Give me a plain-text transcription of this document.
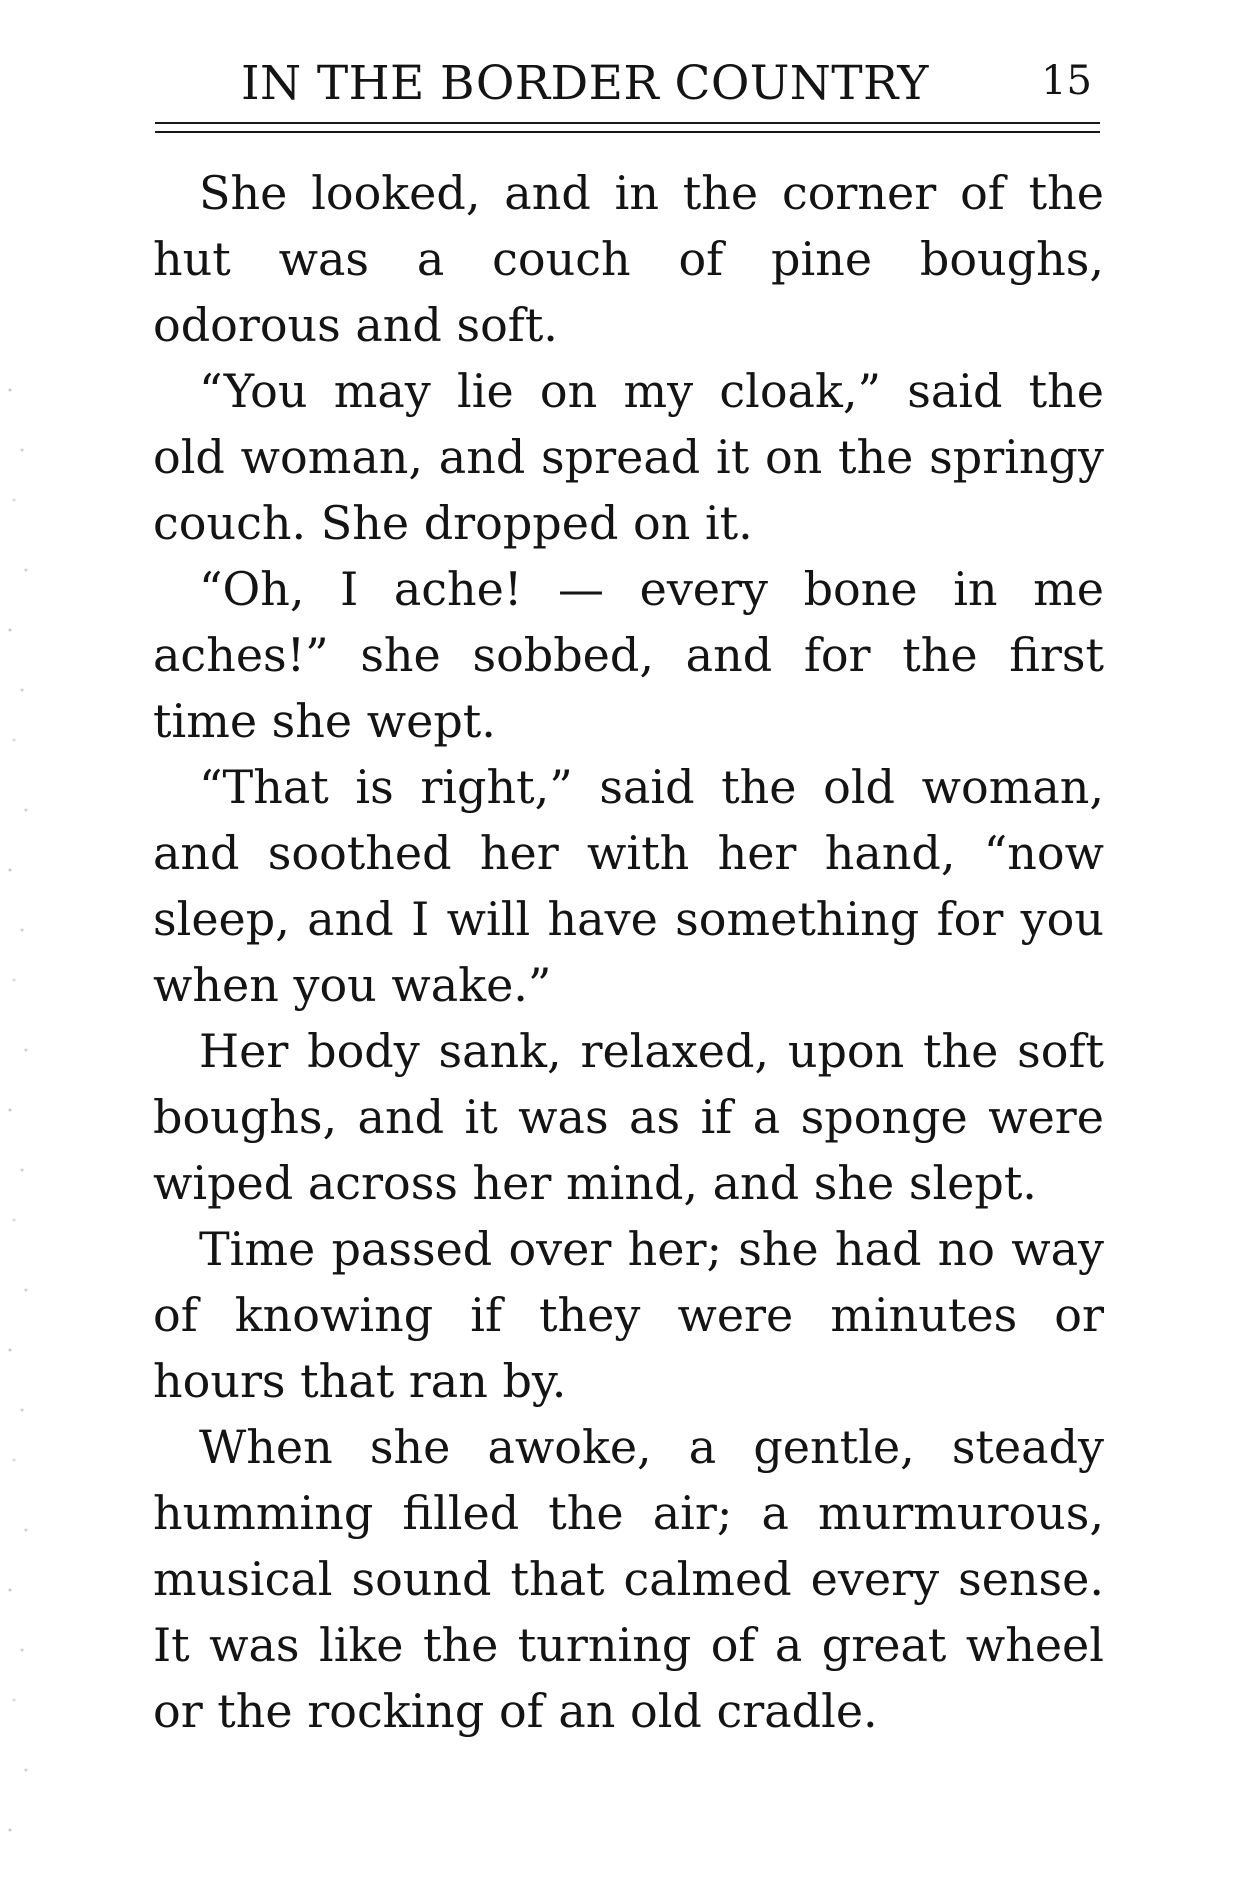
IN THE BORDER COUNTRY	15

She looked, and in the corner of the hut was a couch of pine boughs, odorous and soft.

“You may lie on my cloak,” said the old woman, and spread it on the springy couch. She dropped on it.

“Oh, I ache! — every bone in me aches!” she sobbed, and for the first time she wept.

“That is right,” said the old woman, and soothed her with her hand, “now sleep, and I will have something for you when you wake.”

Her body sank, relaxed, upon the soft boughs, and it was as if a sponge were wiped across her mind, and she slept.

Time passed over her; she had no way of knowing if they were minutes or hours that ran by.

When she awoke, a gentle, steady humming filled the air; a murmurous, musical sound that calmed every sense. It was like the turning of a great wheel or the rocking of an old cradle.
